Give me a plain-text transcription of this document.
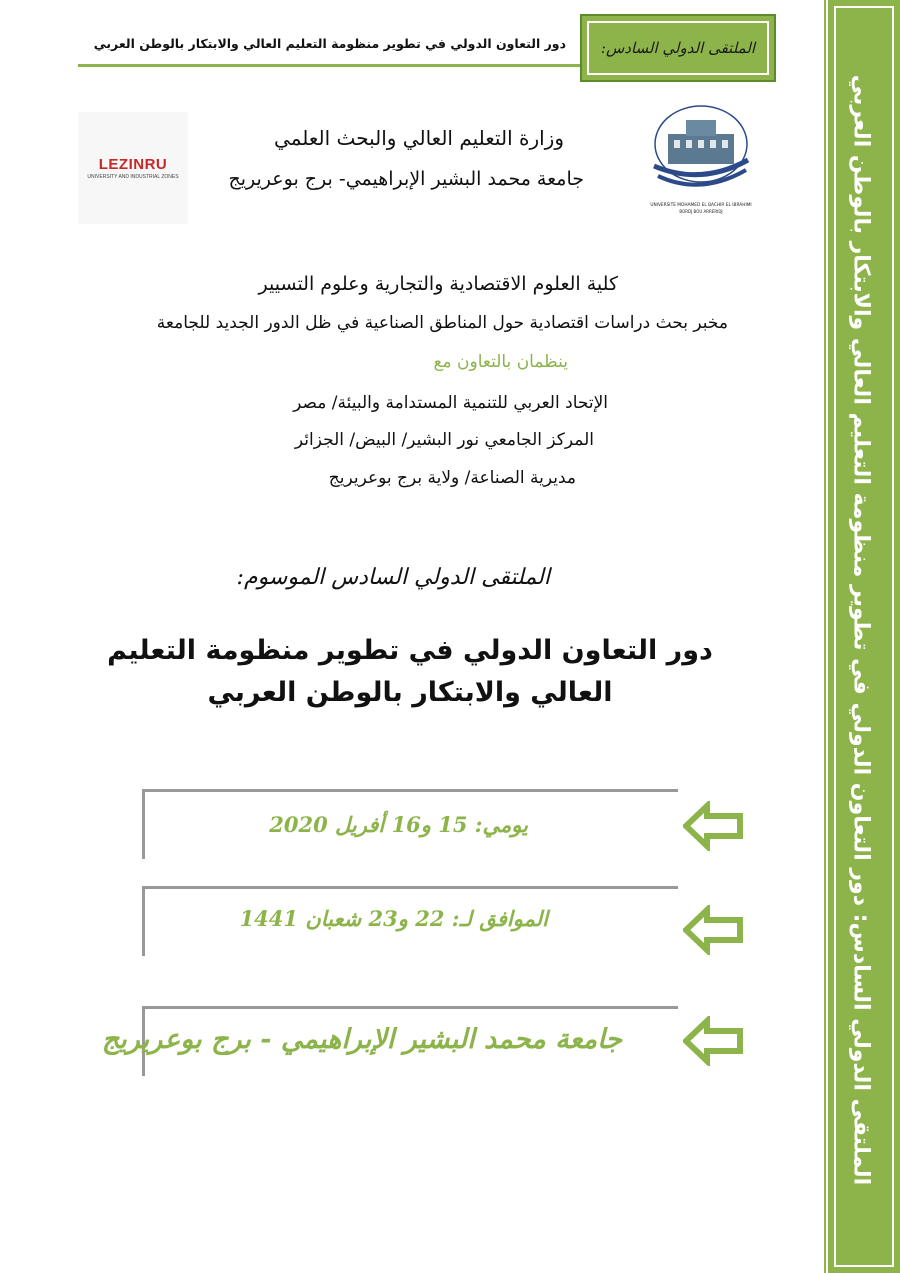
الملتقى الدولي السادس: دور التعاون الدولي في تطوير منظومة التعليم العالي والابتكار بالوطن العربي
الملتقى الدولي السادس:
دور التعاون الدولي في تطوير منظومة التعليم العالي والابتكار بالوطن العربي
UNIVERSITE MOHAMED EL BACHIR EL IBRAHIMI
BORDJ BOU ARRERIDJ
LEZINRU
UNIVERSITY AND INDUSTRIAL ZONES
وزارة التعليم العالي والبحث العلمي
جامعة محمد البشير الإبراهيمي- برج بوعريريج
كلية العلوم الاقتصادية والتجارية وعلوم التسيير
مخبر بحث دراسات اقتصادية حول المناطق الصناعية في ظل الدور الجديد للجامعة
ينظمان بالتعاون مع
الإتحاد العربي للتنمية المستدامة والبيئة/ مصر
المركز الجامعي نور البشير/ البيض/ الجزائر
مديرية الصناعة/ ولاية برج بوعريريج
الملتقى الدولي السادس الموسوم:
دور التعاون الدولي في تطوير منظومة التعليم
العالي والابتكار بالوطن العربي
يومي: 15 و16 أفريل 2020
الموافق لـ: 22 و23 شعبان 1441
جامعة محمد البشير الإبراهيمي - برج بوعريريج
